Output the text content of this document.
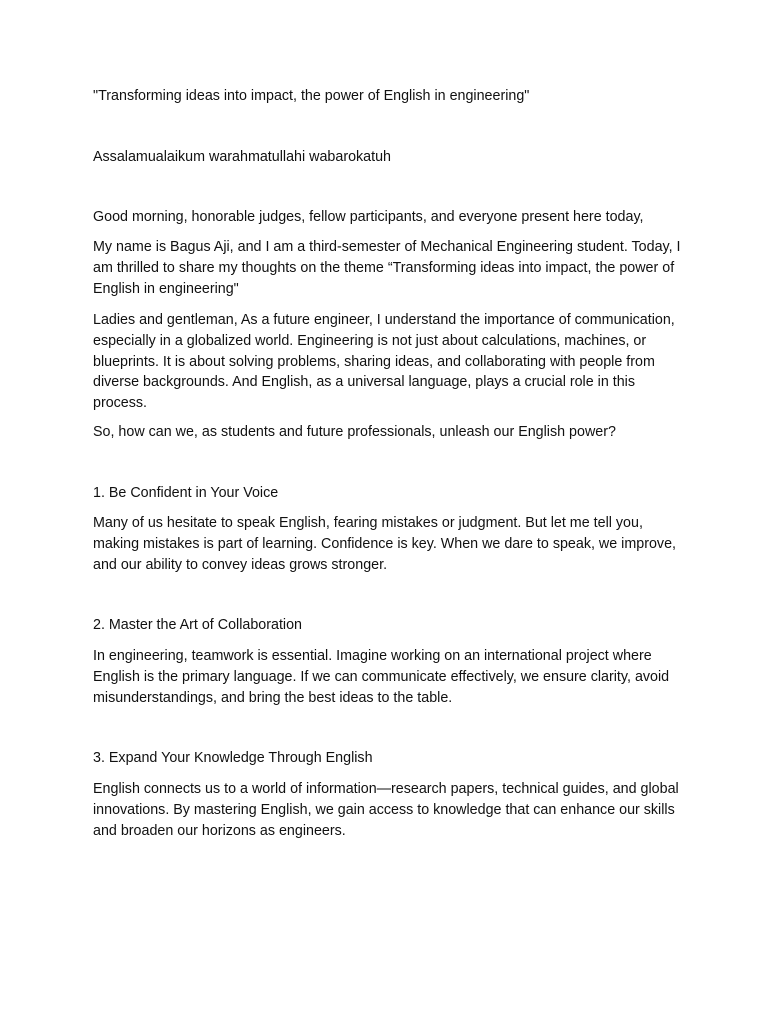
"Transforming ideas into impact, the power of English in engineering"

Assalamualaikum warahmatullahi wabarokatuh

Good morning, honorable judges, fellow participants, and everyone present here today,

My name is Bagus Aji, and I am a third-semester of Mechanical Engineering student. Today, I am thrilled to share my thoughts on the theme “Transforming ideas into impact, the power of English in engineering"

Ladies and gentleman, As a future engineer, I understand the importance of communication, especially in a globalized world. Engineering is not just about calculations, machines, or blueprints. It is about solving problems, sharing ideas, and collaborating with people from diverse backgrounds. And English, as a universal language, plays a crucial role in this process.

So, how can we, as students and future professionals, unleash our English power?

1. Be Confident in Your Voice

Many of us hesitate to speak English, fearing mistakes or judgment. But let me tell you, making mistakes is part of learning. Confidence is key. When we dare to speak, we improve, and our ability to convey ideas grows stronger.

2. Master the Art of Collaboration

In engineering, teamwork is essential. Imagine working on an international project where English is the primary language. If we can communicate effectively, we ensure clarity, avoid misunderstandings, and bring the best ideas to the table.

3. Expand Your Knowledge Through English

English connects us to a world of information—research papers, technical guides, and global innovations. By mastering English, we gain access to knowledge that can enhance our skills and broaden our horizons as engineers.
